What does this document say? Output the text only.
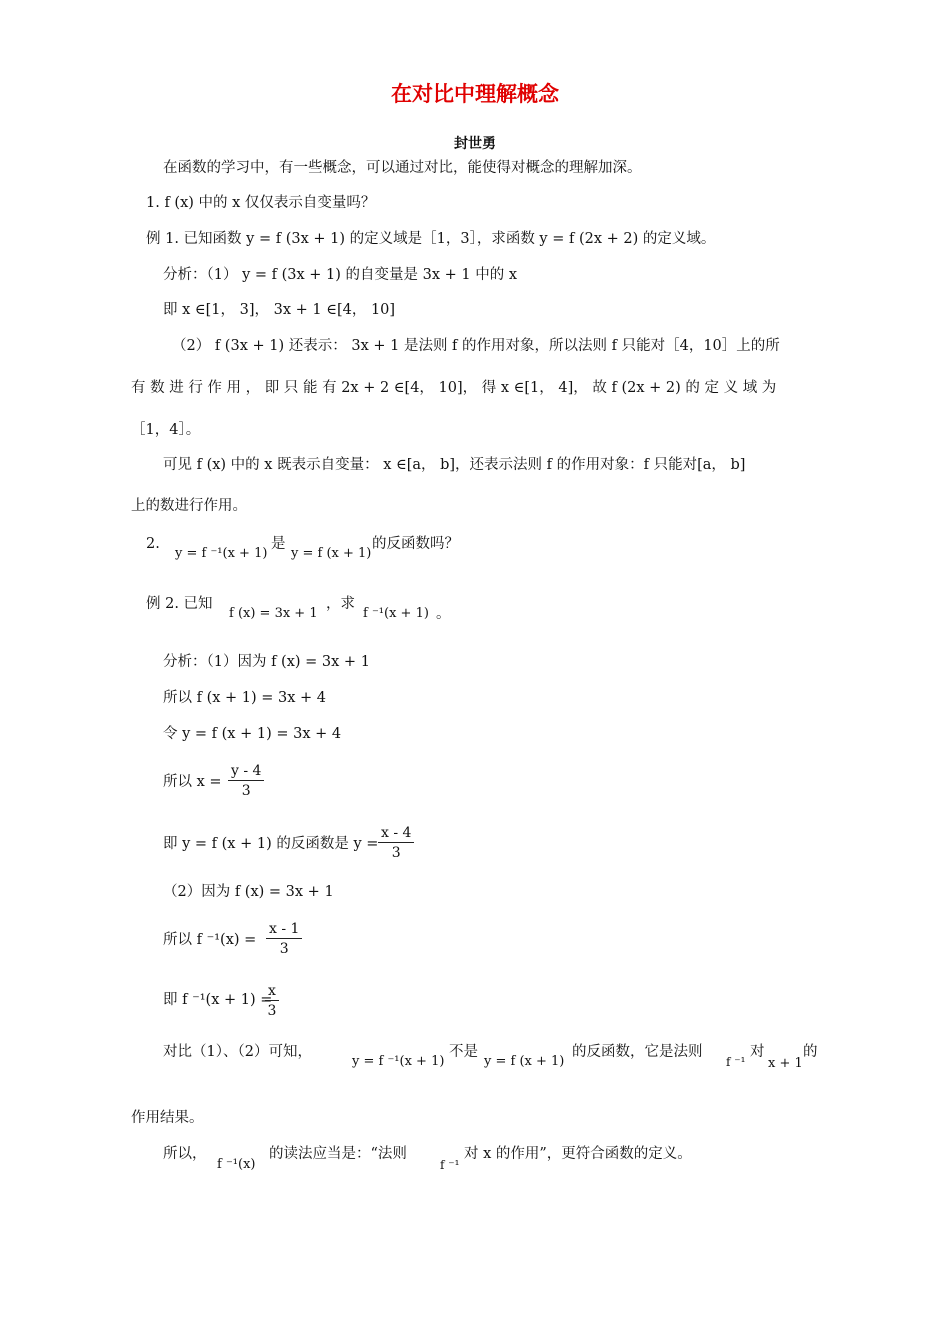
在对比中理解概念
封世勇
在函数的学习中，有一些概念，可以通过对比，能使得对概念的理解加深。
1. f (x) 中的 x 仅仅表示自变量吗？
例 1. 已知函数 y = f (3x + 1) 的定义域是［1，3］，求函数 y = f (2x + 2) 的定义域。
分析：（1） y = f (3x + 1) 的自变量是 3x + 1 中的 x
即 x ∈[1， 3]， 3x + 1 ∈[4， 10]
（2） f (3x + 1) 还表示： 3x + 1 是法则 f 的作用对象，所以法则 f 只能对［4，10］上的所
有 数 进 行 作 用 ， 即 只 能 有 2x + 2 ∈[4， 10]， 得 x ∈[1， 4]， 故 f (2x + 2) 的 定 义 域 为
［1，4］。
可见 f (x) 中的 x 既表示自变量： x ∈[a， b]，还表示法则 f 的作用对象：f 只能对[a， b]
上的数进行作用。
2.
y = f ⁻¹(x + 1)
是
y = f (x + 1)
的反函数吗？
例 2. 已知
f (x) = 3x + 1
，求
f ⁻¹(x + 1) 。
分析：（1）因为 f (x) = 3x + 1
所以 f (x + 1) = 3x + 4
令 y = f (x + 1) = 3x + 4
所以 $x = \frac{y - 4}{3}$
即 y = f (x + 1) 的反函数是 $y = \frac{x - 4}{3}$
（2）因为 f (x) = 3x + 1
所以 f $^{-1}(x) = \frac{x - 1}{3}$
即 f ⁻¹(x + 1) =
$\frac{x}{3}$
对比（1）、（2）可知，
y = f ⁻¹(x + 1)
不是
y = f (x + 1)
的反函数，它是法则
f ⁻¹
对
x + 1
的
作用结果。
所以，
f ⁻¹(x)
的读法应当是：“法则
f ⁻¹
对 x 的作用”，更符合函数的定义。
